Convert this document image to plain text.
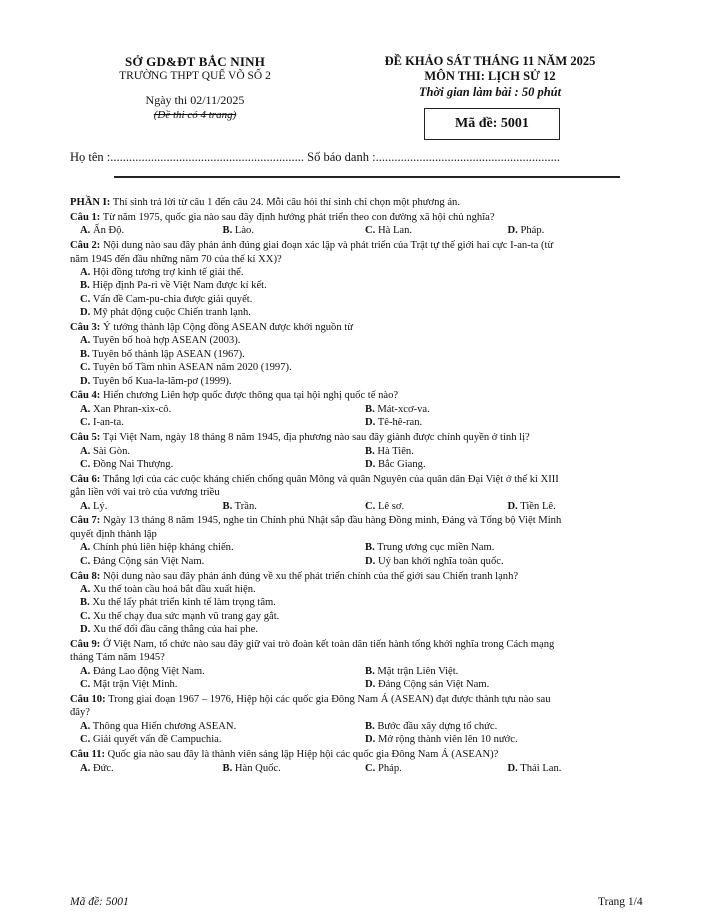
SỞ GD&ĐT BẮC NINH
TRƯỜNG THPT QUẾ VÕ SỐ 2
Ngày thi 02/11/2025
(Đề thi có 4 trang)
ĐỀ KHẢO SÁT THÁNG 11 NĂM 2025
MÔN THI: LỊCH SỬ 12
Thời gian làm bài : 50 phút
Mã đề: 5001
Họ tên :.............................................................. Số báo danh :...........................................................
PHẦN I: Thí sinh trả lời từ câu 1 đến câu 24. Mỗi câu hỏi thí sinh chỉ chọn một phương án.
Câu 1: Từ năm 1975, quốc gia nào sau đây định hướng phát triển theo con đường xã hội chủ nghĩa?
A. Ấn Độ.	B. Lào.	C. Hà Lan.	D. Pháp.
Câu 2: Nội dung nào sau đây phản ánh đúng giai đoạn xác lập và phát triển của Trật tự thế giới hai cực I-an-ta (từ
năm 1945 đến đầu những năm 70 của thế kỉ XX)?
A. Hội đồng tương trợ kinh tế giải thể.
B. Hiệp định Pa-ri về Việt Nam được kí kết.
C. Vấn đề Cam-pu-chia được giải quyết.
D. Mỹ phát động cuộc Chiến tranh lạnh.
Câu 3: Ý tưởng thành lập Cộng đồng ASEAN được khởi nguồn từ
A. Tuyên bố hoà hợp ASEAN (2003).
B. Tuyên bố thành lập ASEAN (1967).
C. Tuyên bố Tầm nhìn ASEAN năm 2020 (1997).
D. Tuyên bố Kua-la-lăm-pơ (1999).
Câu 4: Hiến chương Liên hợp quốc được thông qua tại hội nghị quốc tế nào?
A. Xan Phran-xix-cô.	B. Mát-xcơ-va.
C. I-an-ta.	D. Tê-hê-ran.
Câu 5: Tại Việt Nam, ngày 18 tháng 8 năm 1945, địa phương nào sau đây giành được chính quyền ở tỉnh lị?
A. Sài Gòn.	B. Hà Tiên.
C. Đồng Nai Thượng.	D. Bắc Giang.
Câu 6: Thắng lợi của các cuộc kháng chiến chống quân Mông và quân Nguyên của quân dân Đại Việt ở thế kỉ XIII
gắn liền với vai trò của vương triều
A. Lý.	B. Trần.	C. Lê sơ.	D. Tiền Lê.
Câu 7: Ngày 13 tháng 8 năm 1945, nghe tin Chính phủ Nhật sắp đầu hàng Đồng minh, Đảng và Tổng bộ Việt Minh
quyết định thành lập
A. Chính phủ liên hiệp kháng chiến.	B. Trung ương cục miền Nam.
C. Đảng Cộng sản Việt Nam.	D. Uỷ ban khởi nghĩa toàn quốc.
Câu 8: Nội dung nào sau đây phản ánh đúng về xu thế phát triển chính của thế giới sau Chiến tranh lạnh?
A. Xu thế toàn cầu hoá bắt đầu xuất hiện.
B. Xu thế lấy phát triển kinh tế làm trọng tâm.
C. Xu thế chạy đua sức mạnh vũ trang gay gắt.
D. Xu thế đối đầu căng thẳng của hai phe.
Câu 9: Ở Việt Nam, tổ chức nào sau đây giữ vai trò đoàn kết toàn dân tiến hành tổng khởi nghĩa trong Cách mạng
tháng Tám năm 1945?
A. Đảng Lao động Việt Nam.	B. Mặt trận Liên Việt.
C. Mặt trận Việt Minh.	D. Đảng Cộng sản Việt Nam.
Câu 10: Trong giai đoạn 1967 – 1976, Hiệp hội các quốc gia Đông Nam Á (ASEAN) đạt được thành tựu nào sau
đây?
A. Thông qua Hiến chương ASEAN.	B. Bước đầu xây dựng tổ chức.
C. Giải quyết vấn đề Campuchia.	D. Mở rộng thành viên lên 10 nước.
Câu 11: Quốc gia nào sau đây là thành viên sáng lập Hiệp hội các quốc gia Đông Nam Á (ASEAN)?
A. Đức.	B. Hàn Quốc.	C. Pháp.	D. Thái Lan.
Mã đề: 5001	Trang 1/4
